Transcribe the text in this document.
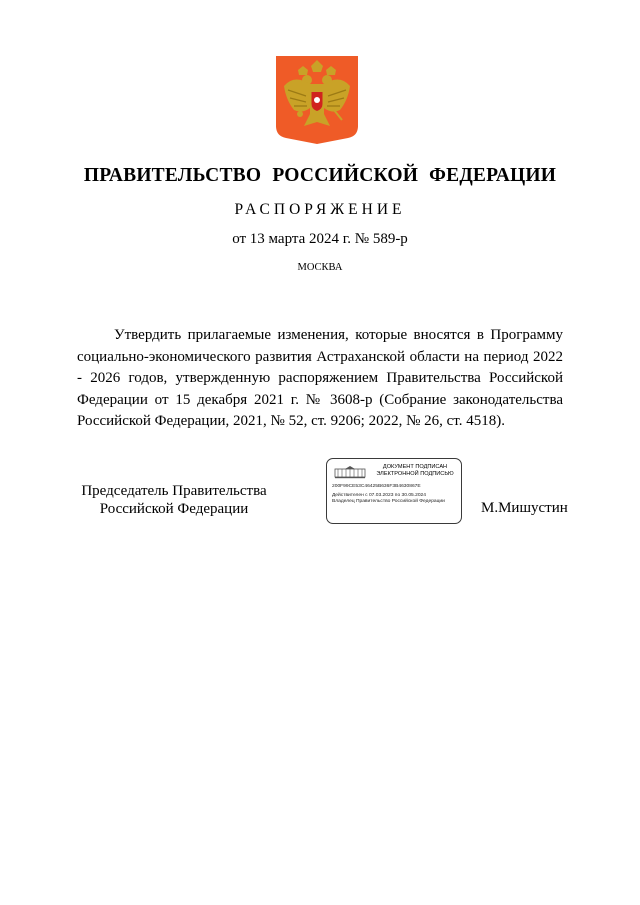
ПРАВИТЕЛЬСТВО РОССИЙСКОЙ ФЕДЕРАЦИИ
РАСПОРЯЖЕНИЕ
от 13 марта 2024 г. № 589-р
МОСКВА

Утвердить прилагаемые изменения, которые вносятся в Программу социально-экономического развития Астраханской области на период 2022 - 2026 годов, утвержденную распоряжением Правительства Российской Федерации от 15 декабря 2021 г. № 3608-р (Собрание законодательства Российской Федерации, 2021, № 52, ст. 9206; 2022, № 26, ст. 4518).

Председатель Правительства
Российской Федерации
ДОКУМЕНТ ПОДПИСАН
ЭЛЕКТРОННОЙ ПОДПИСЬЮ
200F99CE53C46425B636F3B4630867E
Действителен с 07.03.2023 по 30.05.2024
Владелец Правительство Российской Федерации	М.Мишустин
